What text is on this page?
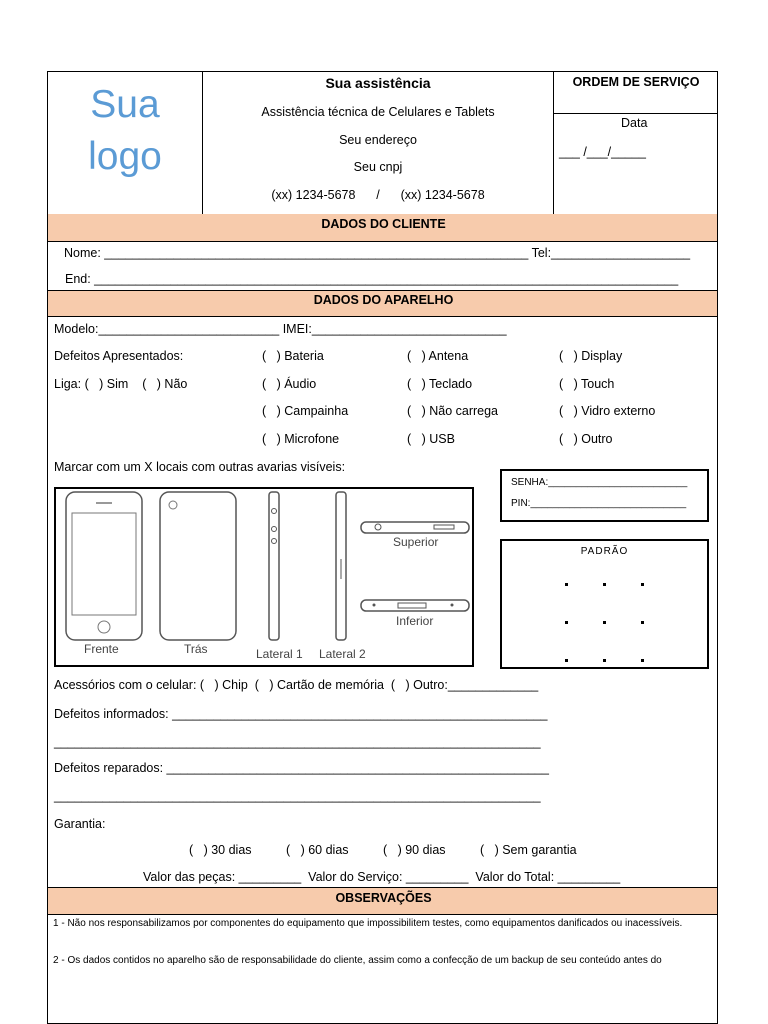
Sua
logo
Sua assistência
Assistência técnica de Celulares e Tablets
Seu endereço
Seu cnpj
(xx) 1234-5678      /      (xx) 1234-5678
ORDEM DE SERVIÇO
Data
___ /___/_____
DADOS DO CLIENTE
Nome: _____________________________________________________________ Tel:____________________
End: ____________________________________________________________________________________
DADOS DO APARELHO
Modelo:__________________________ IMEI:____________________________
Defeitos Apresentados:
Liga: (   ) Sim    (   ) Não
(   ) Bateria	(   ) Antena	(   ) Display
(   ) Áudio	(   ) Teclado	(   ) Touch
(   ) Campainha	(   ) Não carrega	(   ) Vidro externo
(   ) Microfone	(   ) USB	(   ) Outro
Marcar com um X locais com outras avarias visíveis:
Frente	Trás	Lateral 1 Lateral 2
Superior
Inferior
SENHA:_________________________
PIN:____________________________
PADRÃO
Acessórios com o celular: (   ) Chip  (   ) Cartão de memória  (   ) Outro:_____________
Defeitos informados: ______________________________________________________
______________________________________________________________________
Defeitos reparados: _______________________________________________________
______________________________________________________________________
Garantia:
(   ) 30 dias	(   ) 60 dias	(   ) 90 dias	(   ) Sem garantia
Valor das peças: _________  Valor do Serviço: _________  Valor do Total: _________
OBSERVAÇÕES
1 - Não nos responsabilizamos por componentes do equipamento que impossibilitem testes, como equipamentos danificados ou inacessíveis.
2 - Os dados contidos no aparelho são de responsabilidade do cliente, assim como a confecção de um backup de seu conteúdo antes do
